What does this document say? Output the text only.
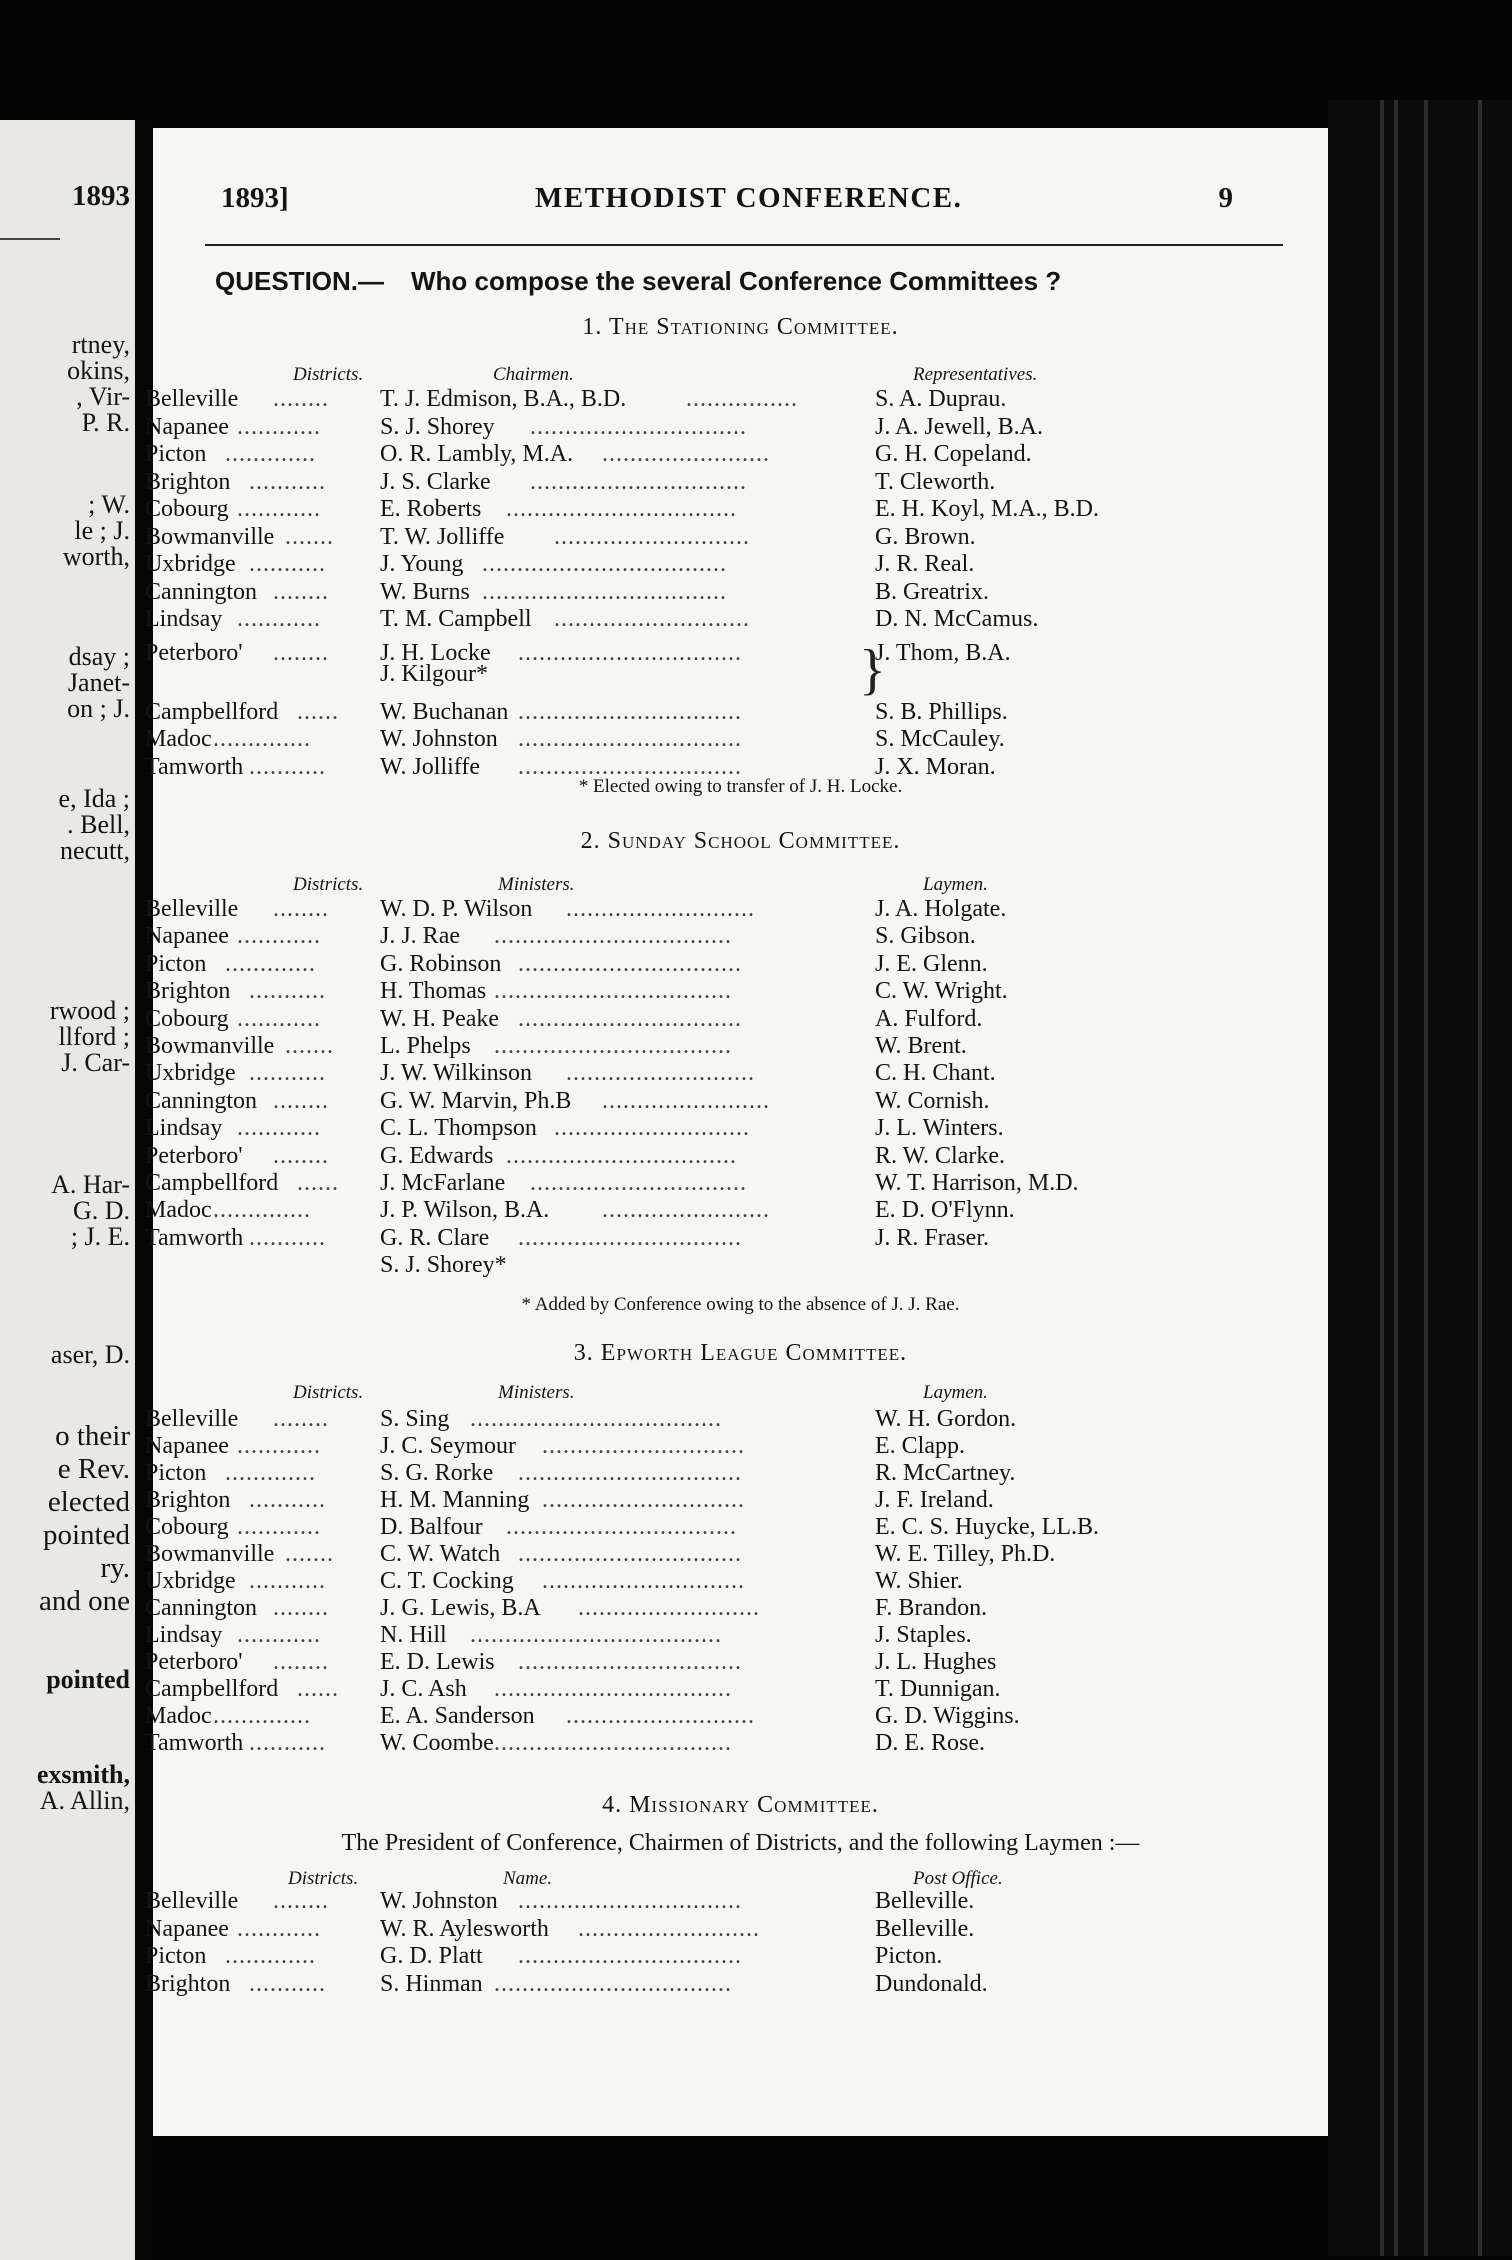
1893
rtney,
okins,
, Vir-
P. R.
; W.
le ; J.
worth,
dsay ;
Janet-
on ; J.
e, Ida ;
. Bell,
necutt,
rwood ;
llford ;
J. Car-
A. Har-
G. D.
; J. E.
aser, D.
o their
e Rev.
elected
pointed
ry.
and one
pointed
exsmith,
A. Allin,
1893]	METHODIST CONFERENCE.	9
QUESTION.— Who compose the several Conference Committees ?
1. The Stationing Committee.
Districts.	Chairmen.	Representatives.
Belleville ........ T. J. Edmison, B.A., B.D. ................	S. A. Duprau.
Napanee ............ S. J. Shorey ...............................	J. A. Jewell, B.A.
Picton .............	O. R. Lambly, M.A. ........................	G. H. Copeland.
Brighton ........... J. S. Clarke ...............................	T. Cleworth.
Cobourg ............ E. Roberts .................................	E. H. Koyl, M.A., B.D.
Bowmanville ....... T. W. Jolliffe ............................	G. Brown.
Uxbridge ........... J. Young ...................................	J. R. Real.
Cannington ........ W. Burns ...................................	B. Greatrix.
Lindsay ............ T. M. Campbell ............................	D. N. McCamus.
Peterboro' ........ J. H. Locke ................................	J. Thom, B.A.
J. Kilgour*
Campbellford ...... W. Buchanan ................................	S. B. Phillips.
Madoc ..............	W. Johnston ................................	S. McCauley.
Tamworth ........... W. Jolliffe ................................	J. X. Moran.
}
* Elected owing to transfer of J. H. Locke.
2. Sunday School Committee.
Districts.	Ministers.	Laymen.
Belleville ........ W. D. P. Wilson ...........................	J. A. Holgate.
Napanee ............ J. J. Rae ..................................	S. Gibson.
Picton .............	G. Robinson ................................	J. E. Glenn.
Brighton ........... H. Thomas ..................................	C. W. Wright.
Cobourg ............ W. H. Peake ................................	A. Fulford.
Bowmanville ....... L. Phelps ..................................	W. Brent.
Uxbridge ........... J. W. Wilkinson ...........................	C. H. Chant.
Cannington ........ G. W. Marvin, Ph.B ........................	W. Cornish.
Lindsay ............ C. L. Thompson ............................	J. L. Winters.
Peterboro' ........ G. Edwards .................................	R. W. Clarke.
Campbellford ...... J. McFarlane ...............................	W. T. Harrison, M.D.
Madoc ..............	J. P. Wilson, B.A. ........................	E. D. O'Flynn.
Tamworth ........... G. R. Clare ................................	J. R. Fraser.
S. J. Shorey*
* Added by Conference owing to the absence of J. J. Rae.
3. Epworth League Committee.
Districts.	Ministers.	Laymen.
Belleville ........ S. Sing ....................................	W. H. Gordon.
Napanee ............ J. C. Seymour .............................	E. Clapp.
Picton .............	S. G. Rorke ................................	R. McCartney.
Brighton ........... H. M. Manning .............................	J. F. Ireland.
Cobourg ............ D. Balfour .................................	E. C. S. Huycke, LL.B.
Bowmanville ....... C. W. Watch ................................	W. E. Tilley, Ph.D.
Uxbridge ........... C. T. Cocking .............................	W. Shier.
Cannington ........ J. G. Lewis, B.A ..........................	F. Brandon.
Lindsay ............ N. Hill ....................................	J. Staples.
Peterboro' ........ E. D. Lewis ................................	J. L. Hughes
Campbellford ...... J. C. Ash ..................................	T. Dunnigan.
Madoc ..............	E. A. Sanderson ...........................	G. D. Wiggins.
Tamworth ........... W. Coombe ..................................	D. E. Rose.
4. Missionary Committee.
The President of Conference, Chairmen of Districts, and the following Laymen :—
Districts.	Name.	Post Office.
Belleville ........ W. Johnston ................................	Belleville.
Napanee ............ W. R. Aylesworth ..........................	Belleville.
Picton .............	G. D. Platt ................................	Picton.
Brighton ........... S. Hinman ..................................	Dundonald.
